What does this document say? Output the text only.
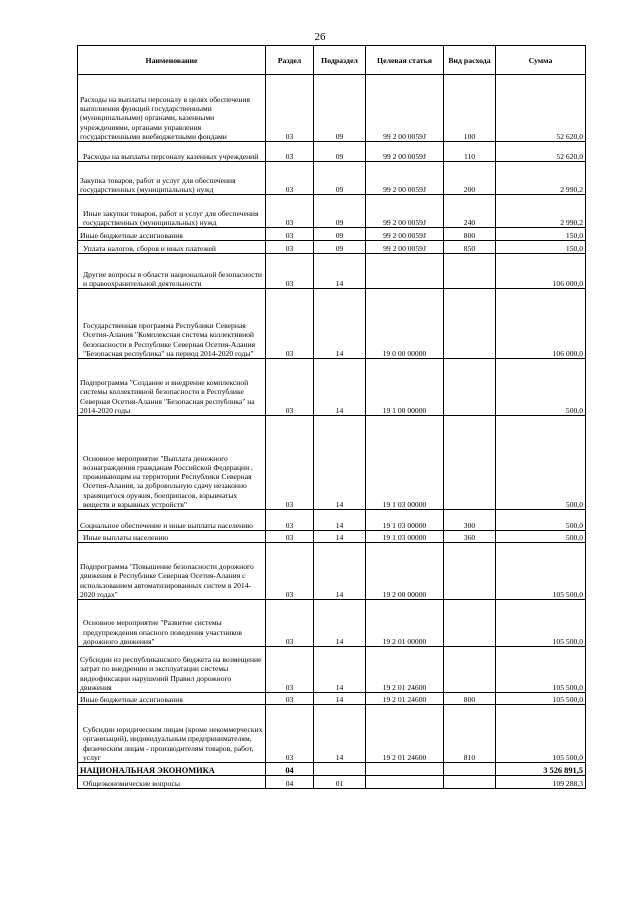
26
Наименование	Раздел	Подраздел	Целевая статья	Вид расхода	Сумма
Расходы на выплаты персоналу в целях обеспечения выполнения функций государственными (муниципальными) органами, казенными учреждениями, органами управления государственными внебюджетными фондами	03	09	99 2 00 0059J	100	52 620,0
Расходы на выплаты персоналу казенных учреждений	03	09	99 2 00 0059J	110	52 620,0
Закупка товаров, работ и услуг для обеспечения государственных (муниципальных) нужд	03	09	99 2 00 0059J	200	2 990,2
Иные закупки товаров, работ и услуг для обеспечения государственных (муниципальных) нужд	03	09	99 2 00 0059J	240	2 990,2
Иные бюджетные ассигнования	03	09	99 2 00 0059J	800	150,0
Уплата налогов, сборов и иных платежей	03	09	99 2 00 0059J	850	150,0
Другие вопросы в области национальной безопасности и правоохранительной деятельности	03	14			106 000,0
Государственная программа Республики Северная Осетия-Алания "Комплексная система коллективной безопасности в Республике Северная Осетия-Алания "Безопасная республика" на период 2014-2020 годы"	03	14	19 0 00 00000		106 000,0
Подпрограмма "Создание и внедрение комплексной системы коллективной безопасности в Республике Северная Осетия-Алания "Безопасная республика" на 2014-2020 годы	03	14	19 1 00 00000		500,0
Основное мероприятие "Выплата денежного вознаграждения гражданам Российской Федерации , проживающим на территории Республики Северная Осетия-Алания, за добровольную сдачу незаконно хранящегося оружия, боеприпасов, взрывчатых веществ и взрывных устройств"	03	14	19 1 03 00000		500,0
Социальное обеспечение и иные выплаты населению	03	14	19 1 03 00000	300	500,0
Иные выплаты населению	03	14	19 1 03 00000	360	500,0
Подпрограмма "Повышение безопасности дорожного движения в Республике Северная Осетия-Алания с использованием автоматизированных систем в 2014-2020 годах"	03	14	19 2 00 00000		105 500,0
Основное мероприятие "Развитие системы предупреждения опасного поведения участников дорожного движения"	03	14	19 2 01 00000		105 500,0
Субсидии из республиканского бюджета на возмещение затрат по внедрению и эксплуатации системы видеофиксации нарушений Правил дорожного движения	03	14	19 2 01 24600		105 500,0
Иные бюджетные ассигнования	03	14	19 2 01 24600	800	105 500,0
Субсидии юридическим лицам (кроме некоммерческих организаций), индивидуальным предпринимателям, физическим лицам - производителям товаров, работ, услуг	03	14	19 2 01 24600	810	105 500,0
НАЦИОНАЛЬНАЯ ЭКОНОМИКА	04				3 526 891,5
Общеэкономические вопросы	04	01			109 288,3
